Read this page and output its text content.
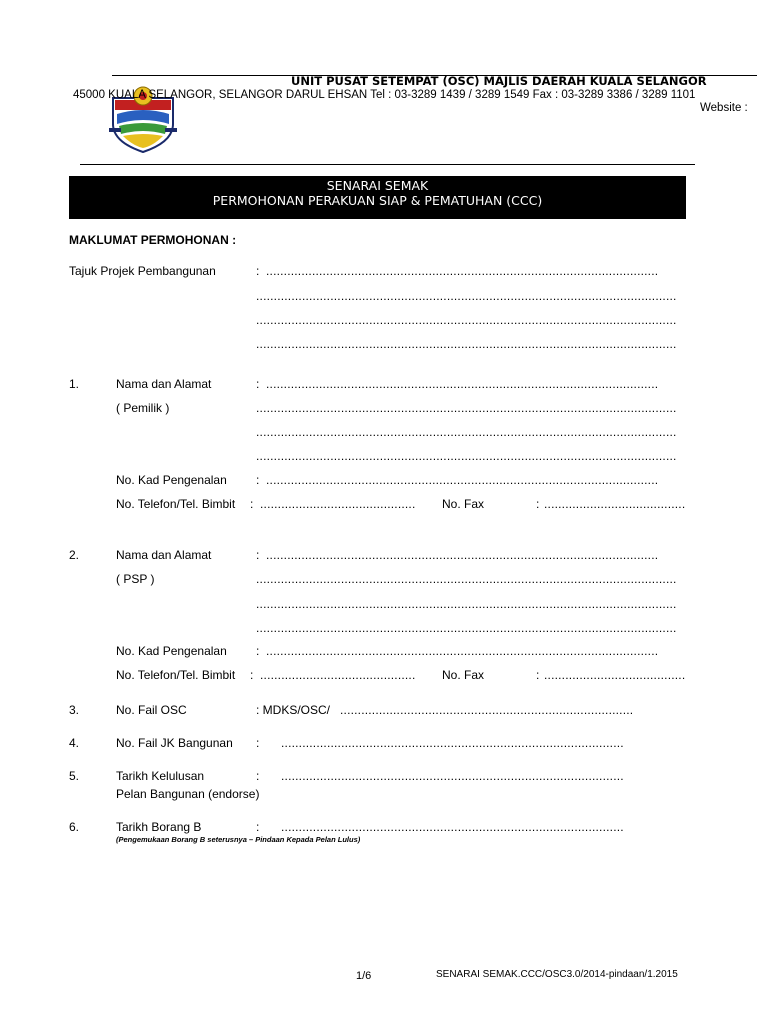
UNIT PUSAT SETEMPAT (OSC) MAJLIS DAERAH KUALA SELANGOR
45000 KUALA SELANGOR, SELANGOR DARUL EHSAN Tel : 03-3289 1439 / 3289 1549 Fax : 03-3289 3386 / 3289 1101
Website :
SENARAI SEMAK
PERMOHONAN PERAKUAN SIAP & PEMATUHAN (CCC)
MAKLUMAT PERMOHONAN :
Tajuk Projek Pembangunan	: ...............................................................................................................
.......................................................................................................................
.......................................................................................................................
.......................................................................................................................
1.	Nama dan Alamat	: ...............................................................................................................
( Pemilik )	.......................................................................................................................
.......................................................................................................................
.......................................................................................................................
No. Kad Pengenalan : ...............................................................................................................
No. Telefon/Tel. Bimbit : ............................................ No. Fax	: ........................................
2.	Nama dan Alamat	: ...............................................................................................................
( PSP )	.......................................................................................................................
.......................................................................................................................
.......................................................................................................................
No. Kad Pengenalan : ...............................................................................................................
No. Telefon/Tel. Bimbit : ............................................ No. Fax	: ........................................
3.	No. Fail OSC	: MDKS/OSC/ ...................................................................................
4.	No. Fail JK Bangunan : .................................................................................................
5.	Tarikh Kelulusan	: .................................................................................................
Pelan Bangunan (endorse)
6.	Tarikh Borang B	: .................................................................................................
(Pengemukaan Borang B seterusnya – Pindaan Kepada Pelan Lulus)
1/6	SENARAI SEMAK.CCC/OSC3.0/2014-pindaan/1.2015
